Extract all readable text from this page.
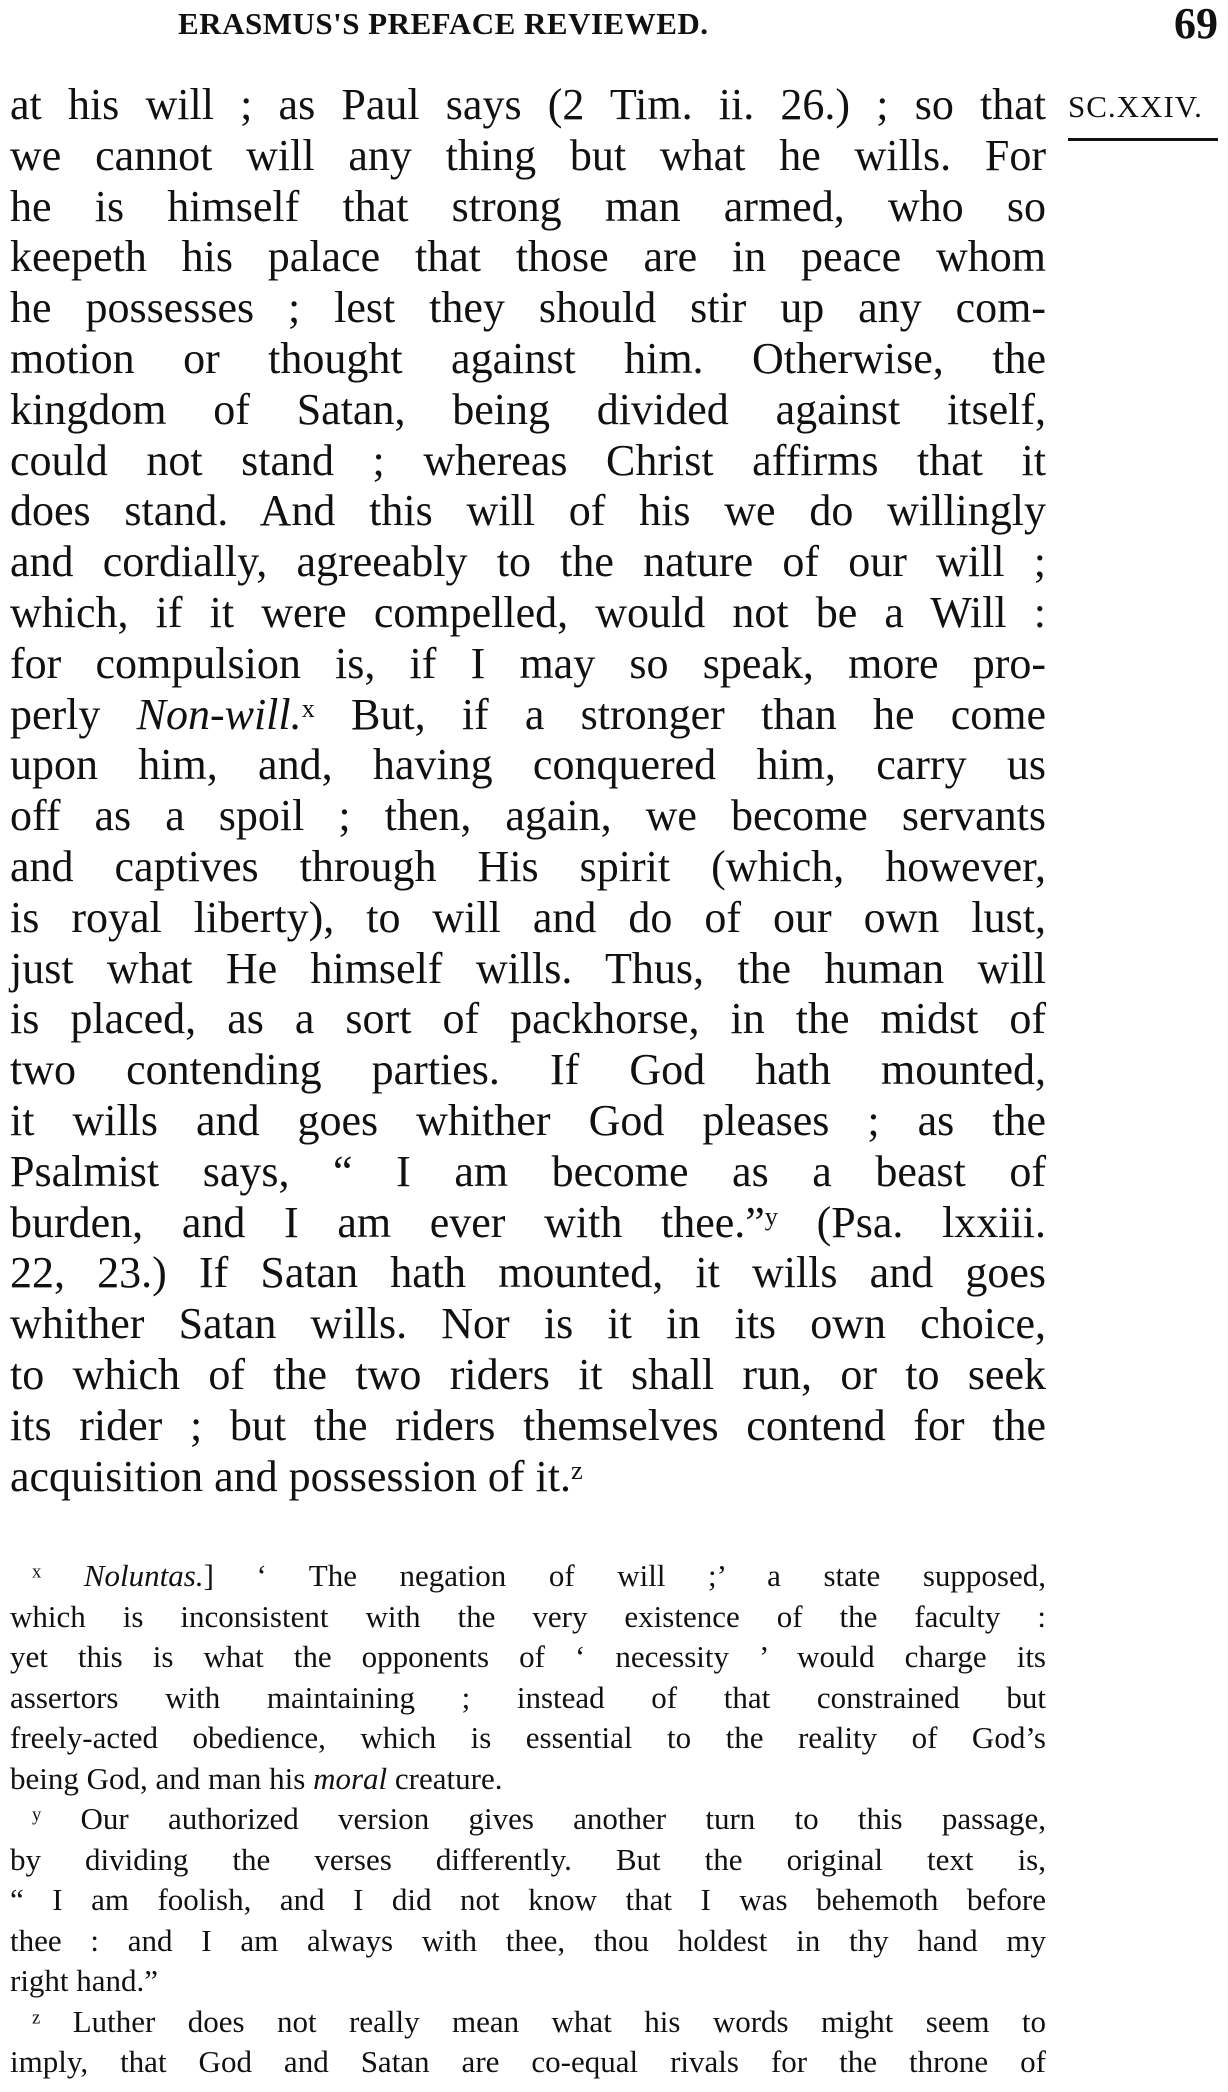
ERASMUS'S PREFACE REVIEWED.	69
SC.XXIV.
at his will ; as Paul says (2 Tim. ii. 26.) ; so that
we cannot will any thing but what he wills. For
he is himself that strong man armed, who so
keepeth his palace that those are in peace whom
he possesses ; lest they should stir up any com-
motion or thought against him. Otherwise, the
kingdom of Satan, being divided against itself,
could not stand ; whereas Christ affirms that it
does stand. And this will of his we do willingly
and cordially, agreeably to the nature of our will ;
which, if it were compelled, would not be a Will :
for compulsion is, if I may so speak, more pro-
perly Non-will.$^x$ But, if a stronger than he come
upon him, and, having conquered him, carry us
off as a spoil ; then, again, we become servants
and captives through His spirit (which, however,
is royal liberty), to will and do of our own lust,
just what He himself wills. Thus, the human will
is placed, as a sort of packhorse, in the midst of
two contending parties. If God hath mounted,
it wills and goes whither God pleases ; as the
Psalmist says, “ I am become as a beast of
burden, and I am ever with thee.”$^y$ (Psa. lxxiii.
22, 23.) If Satan hath mounted, it wills and goes
whither Satan wills. Nor is it in its own choice,
to which of the two riders it shall run, or to seek
its rider ; but the riders themselves contend for the
acquisition and possession of it.$^z$
$^x$ Noluntas.] ‘ The negation of will ;’ a state supposed,
which is inconsistent with the very existence of the faculty :
yet this is what the opponents of ‘ necessity ’ would charge its
assertors with maintaining ; instead of that constrained but
freely-acted obedience, which is essential to the reality of God’s
being God, and man his moral creature.
$^y$ Our authorized version gives another turn to this passage,
by dividing the verses differently. But the original text is,
“ I am foolish, and I did not know that I was behemoth before
thee : and I am always with thee, thou holdest in thy hand my
right hand.”
$^z$ Luther does not really mean what his words might seem to
imply, that God and Satan are co-equal rivals for the throne of
